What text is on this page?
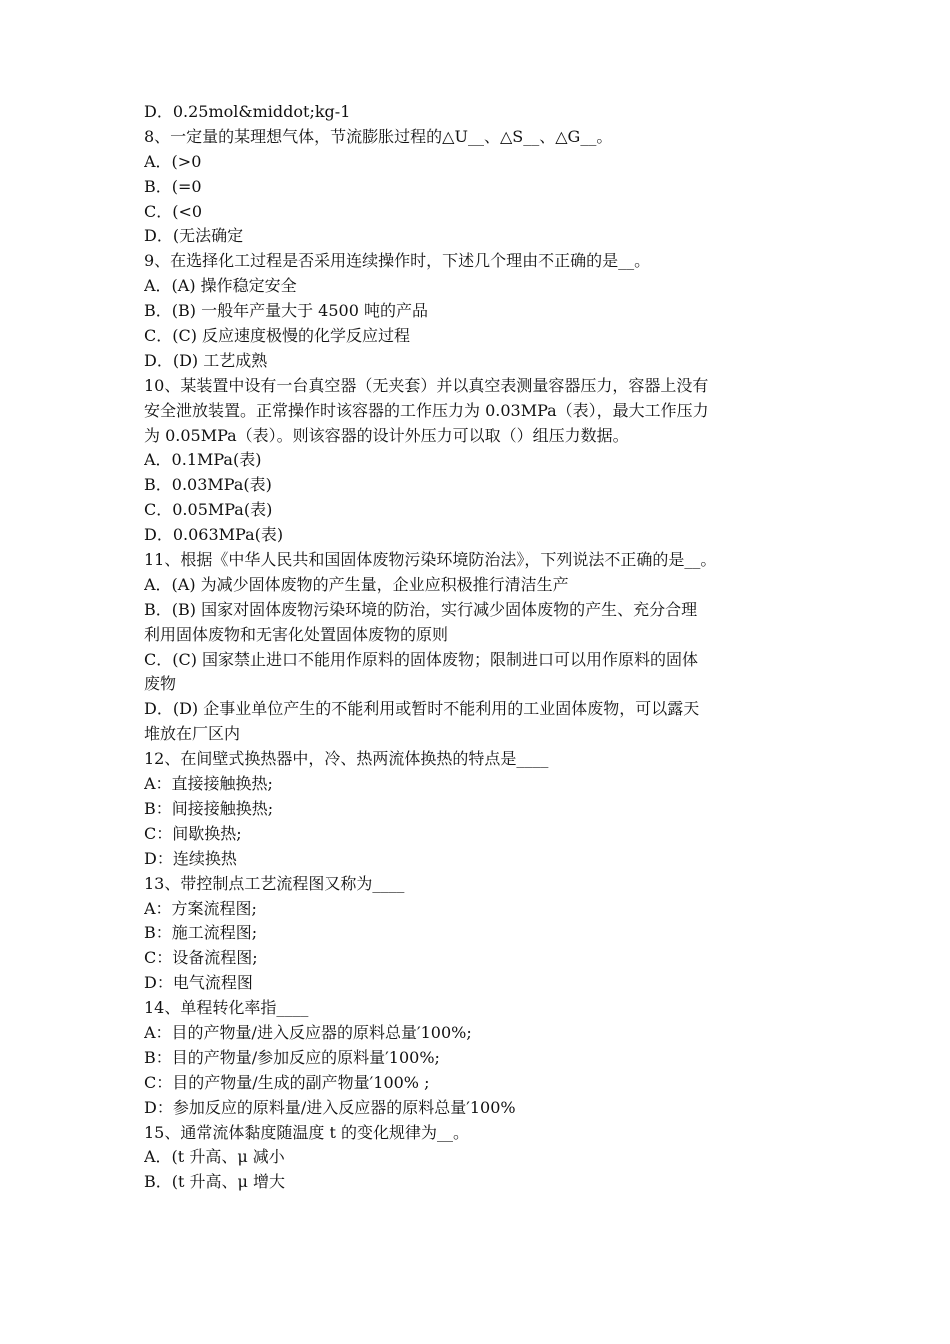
D．0.25mol&middot;kg-1
8、一定量的某理想气体，节流膨胀过程的△U__、△S__、△G__。
A．(>0
B．(=0
C．(<0
D．(无法确定
9、在选择化工过程是否采用连续操作时，下述几个理由不正确的是__。
A．(A) 操作稳定安全
B．(B) 一般年产量大于 4500 吨的产品
C．(C) 反应速度极慢的化学反应过程
D．(D) 工艺成熟
10、某装置中设有一台真空器（无夹套）并以真空表测量容器压力，容器上没有
安全泄放装置。正常操作时该容器的工作压力为 0.03MPa（表），最大工作压力
为 0.05MPa（表）。则该容器的设计外压力可以取（）组压力数据。
A．0.1MPa(表)
B．0.03MPa(表)
C．0.05MPa(表)
D．0.063MPa(表)
11、根据《中华人民共和国固体废物污染环境防治法》，下列说法不正确的是__。
A．(A) 为减少固体废物的产生量，企业应积极推行清洁生产
B．(B) 国家对固体废物污染环境的防治，实行减少固体废物的产生、充分合理
利用固体废物和无害化处置固体废物的原则
C．(C) 国家禁止进口不能用作原料的固体废物；限制进口可以用作原料的固体
废物
D．(D) 企事业单位产生的不能利用或暂时不能利用的工业固体废物，可以露天
堆放在厂区内
12、在间壁式换热器中，冷、热两流体换热的特点是____
A：直接接触换热;
B：间接接触换热;
C：间歇换热;
D：连续换热
13、带控制点工艺流程图又称为____
A：方案流程图;
B：施工流程图;
C：设备流程图;
D：电气流程图
14、单程转化率指____
A：目的产物量/进入反应器的原料总量′100%;
B：目的产物量/参加反应的原料量′100%;
C：目的产物量/生成的副产物量′100% ;
D：参加反应的原料量/进入反应器的原料总量′100%
15、通常流体黏度随温度 t 的变化规律为__。
A．(t 升高、μ 减小
B．(t 升高、μ 增大
